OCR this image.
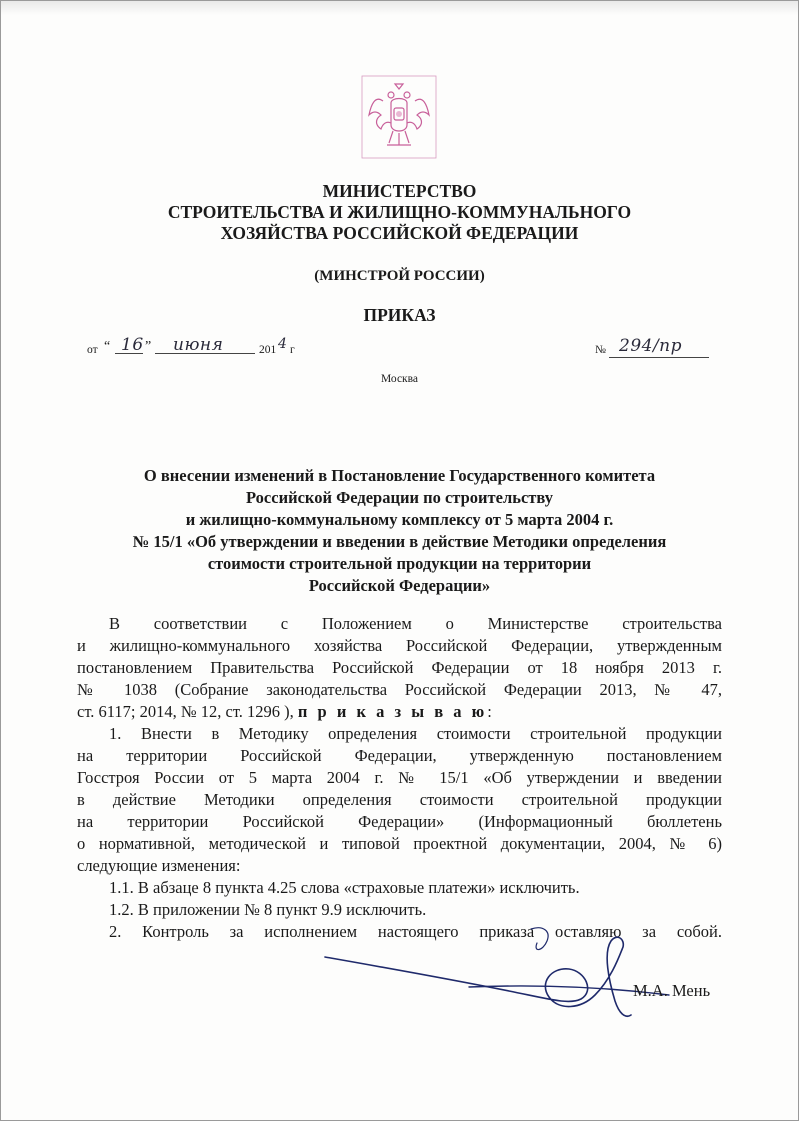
МИНИСТЕРСТВО
СТРОИТЕЛЬСТВА И ЖИЛИЩНО-КОММУНАЛЬНОГО
ХОЗЯЙСТВА РОССИЙСКОЙ ФЕДЕРАЦИИ
(МИНСТРОЙ РОССИИ)
ПРИКАЗ
от “ 16 ” июня	201 4 г	№ 294/пр
Москва
О внесении изменений в Постановление Государственного комитета
Российской Федерации по строительству
и жилищно-коммунальному комплексу от 5 марта 2004 г.
№ 15/1 «Об утверждении и введении в действие Методики определения
стоимости строительной продукции на территории
Российской Федерации»
В соответствии с Положением о Министерстве строительства
и жилищно-коммунального хозяйства Российской Федерации, утвержденным
постановлением Правительства Российской Федерации от 18 ноября 2013 г.
№ 1038 (Собрание законодательства Российской Федерации 2013, № 47,
ст. 6117; 2014, № 12, ст. 1296 ), п р и к а з ы в а ю:
1. Внести в Методику определения стоимости строительной продукции
на территории Российской Федерации, утвержденную постановлением
Госстроя России от 5 марта 2004 г. № 15/1 «Об утверждении и введении
в действие Методики определения стоимости строительной продукции
на территории Российской Федерации» (Информационный бюллетень
о нормативной, методической и типовой проектной документации, 2004, № 6)
следующие изменения:
1.1. В абзаце 8 пункта 4.25 слова «страховые платежи» исключить.
1.2. В приложении № 8 пункт 9.9 исключить.
2. Контроль за исполнением настоящего приказа оставляю за собой.
М.А. Мень
